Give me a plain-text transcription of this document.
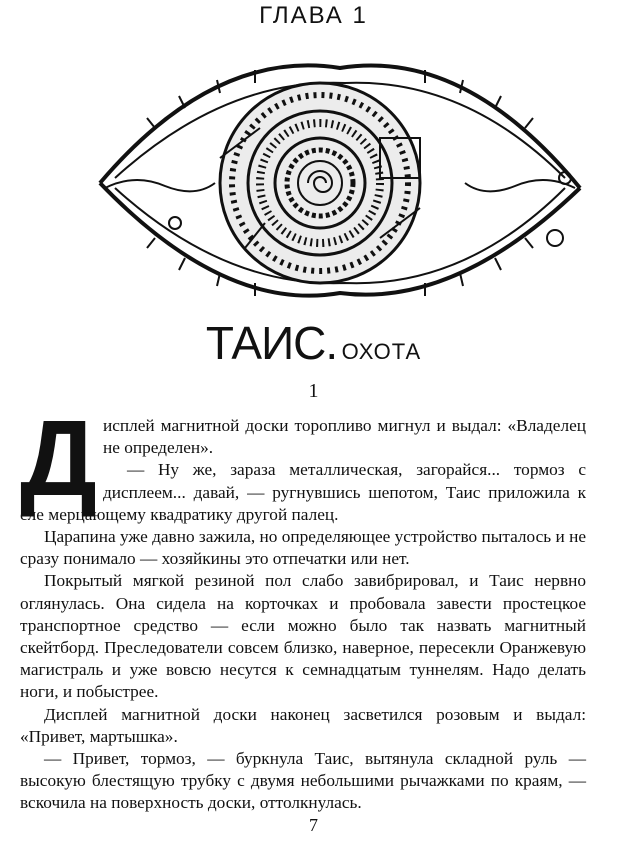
ГЛАВА 1
ТАИС. ОХОТА
1
Д исплей магнитной доски торопливо мигнул и выдал: «Владелец не определен».

— Ну же, зараза металлическая, загорайся... тормоз с дисплеем... давай, — ругнувшись шепотом, Таис приложила к еле мерцающему квадратику другой палец.

Царапина уже давно зажила, но определяющее устройство пыталось и не сразу понимало — хозяйкины это отпечатки или нет.

Покрытый мягкой резиной пол слабо завибрировал, и Таис нервно оглянулась. Она сидела на корточках и пробовала завести простецкое транспортное средство — если можно было так назвать магнитный скейтборд. Преследователи совсем близко, наверное, пересекли Оранжевую магистраль и уже вовсю несутся к семнадцатым туннелям. Надо делать ноги, и побыстрее.

Дисплей магнитной доски наконец засветился розовым и выдал: «Привет, мартышка».

— Привет, тормоз, — буркнула Таис, вытянула складной руль — высокую блестящую трубку с двумя небольшими рычажками по краям, — вскочила на поверхность доски, оттолкнулась.

7
